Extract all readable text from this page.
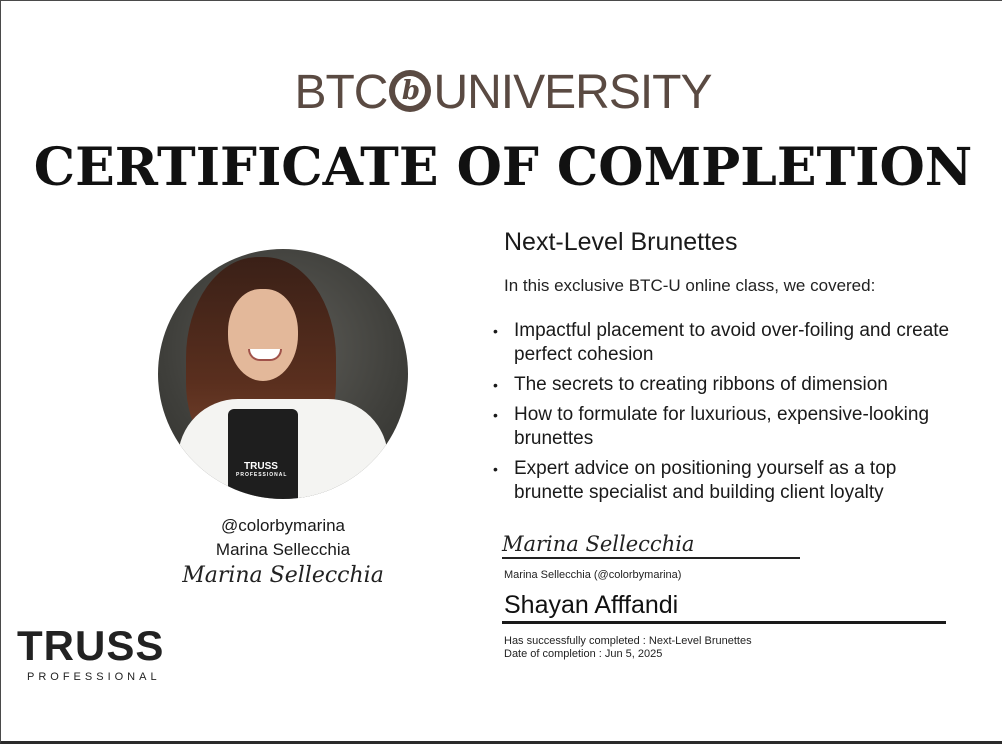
BTC b UNIVERSITY
CERTIFICATE OF COMPLETION
TRUSS
PROFESSIONAL
@colorbymarina
Marina Sellecchia
Marina Sellecchia
TRUSS
PROFESSIONAL
Next-Level Brunettes
In this exclusive BTC-U online class, we covered:
• Impactful placement to avoid over-foiling and create perfect cohesion
• The secrets to creating ribbons of dimension
• How to formulate for luxurious, expensive-looking brunettes
• Expert advice on positioning yourself as a top brunette specialist and building client loyalty
Marina Sellecchia
Marina Sellecchia (@colorbymarina)
Shayan Afffandi
Has successfully completed : Next-Level Brunettes
Date of completion : Jun 5, 2025
